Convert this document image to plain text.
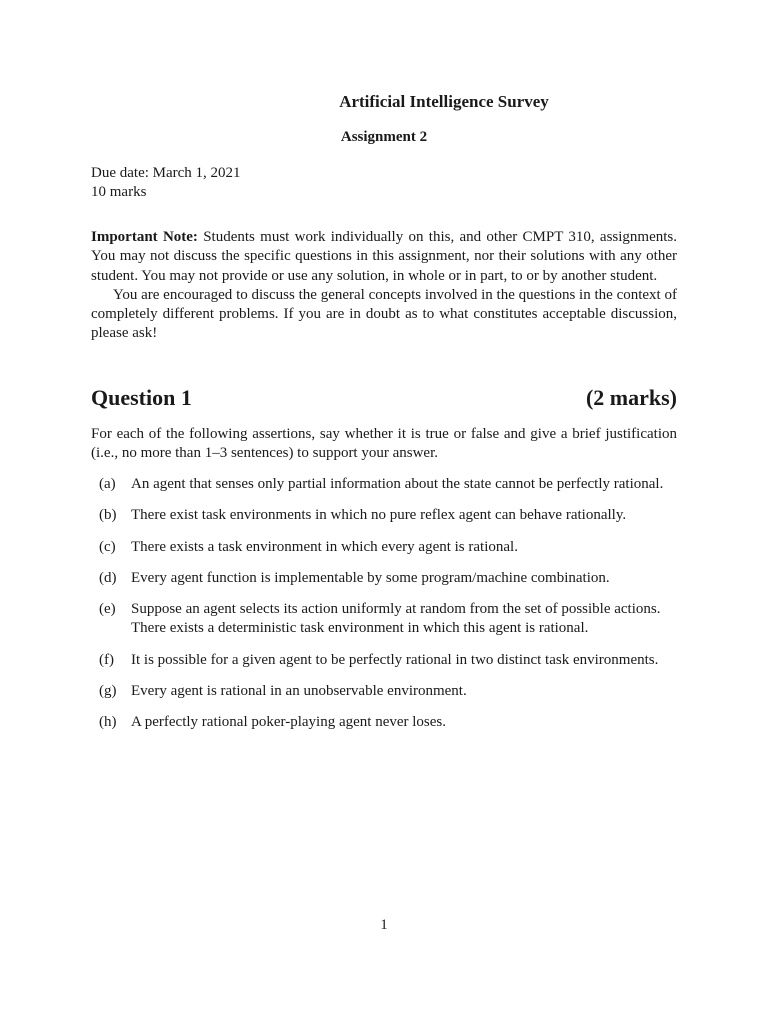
Artificial Intelligence Survey
Assignment 2
Due date: March 1, 2021
10 marks

Important Note: Students must work individually on this, and other CMPT 310, assignments. You may not discuss the specific questions in this assignment, nor their solutions with any other student. You may not provide or use any solution, in whole or in part, to or by another student.

You are encouraged to discuss the general concepts involved in the questions in the context of completely different problems. If you are in doubt as to what constitutes acceptable discussion, please ask!

Question 1	(2 marks)

For each of the following assertions, say whether it is true or false and give a brief justification (i.e., no more than 1–3 sentences) to support your answer.

(a)	An agent that senses only partial information about the state cannot be perfectly rational.
(b) There exist task environments in which no pure reflex agent can behave rationally.
(c)	There exists a task environment in which every agent is rational.
(d) Every agent function is implementable by some program/machine combination.
(e)	Suppose an agent selects its action uniformly at random from the set of possible actions. There exists a deterministic task environment in which this agent is rational.
(f)	It is possible for a given agent to be perfectly rational in two distinct task environments.
(g) Every agent is rational in an unobservable environment.
(h) A perfectly rational poker-playing agent never loses.
1
